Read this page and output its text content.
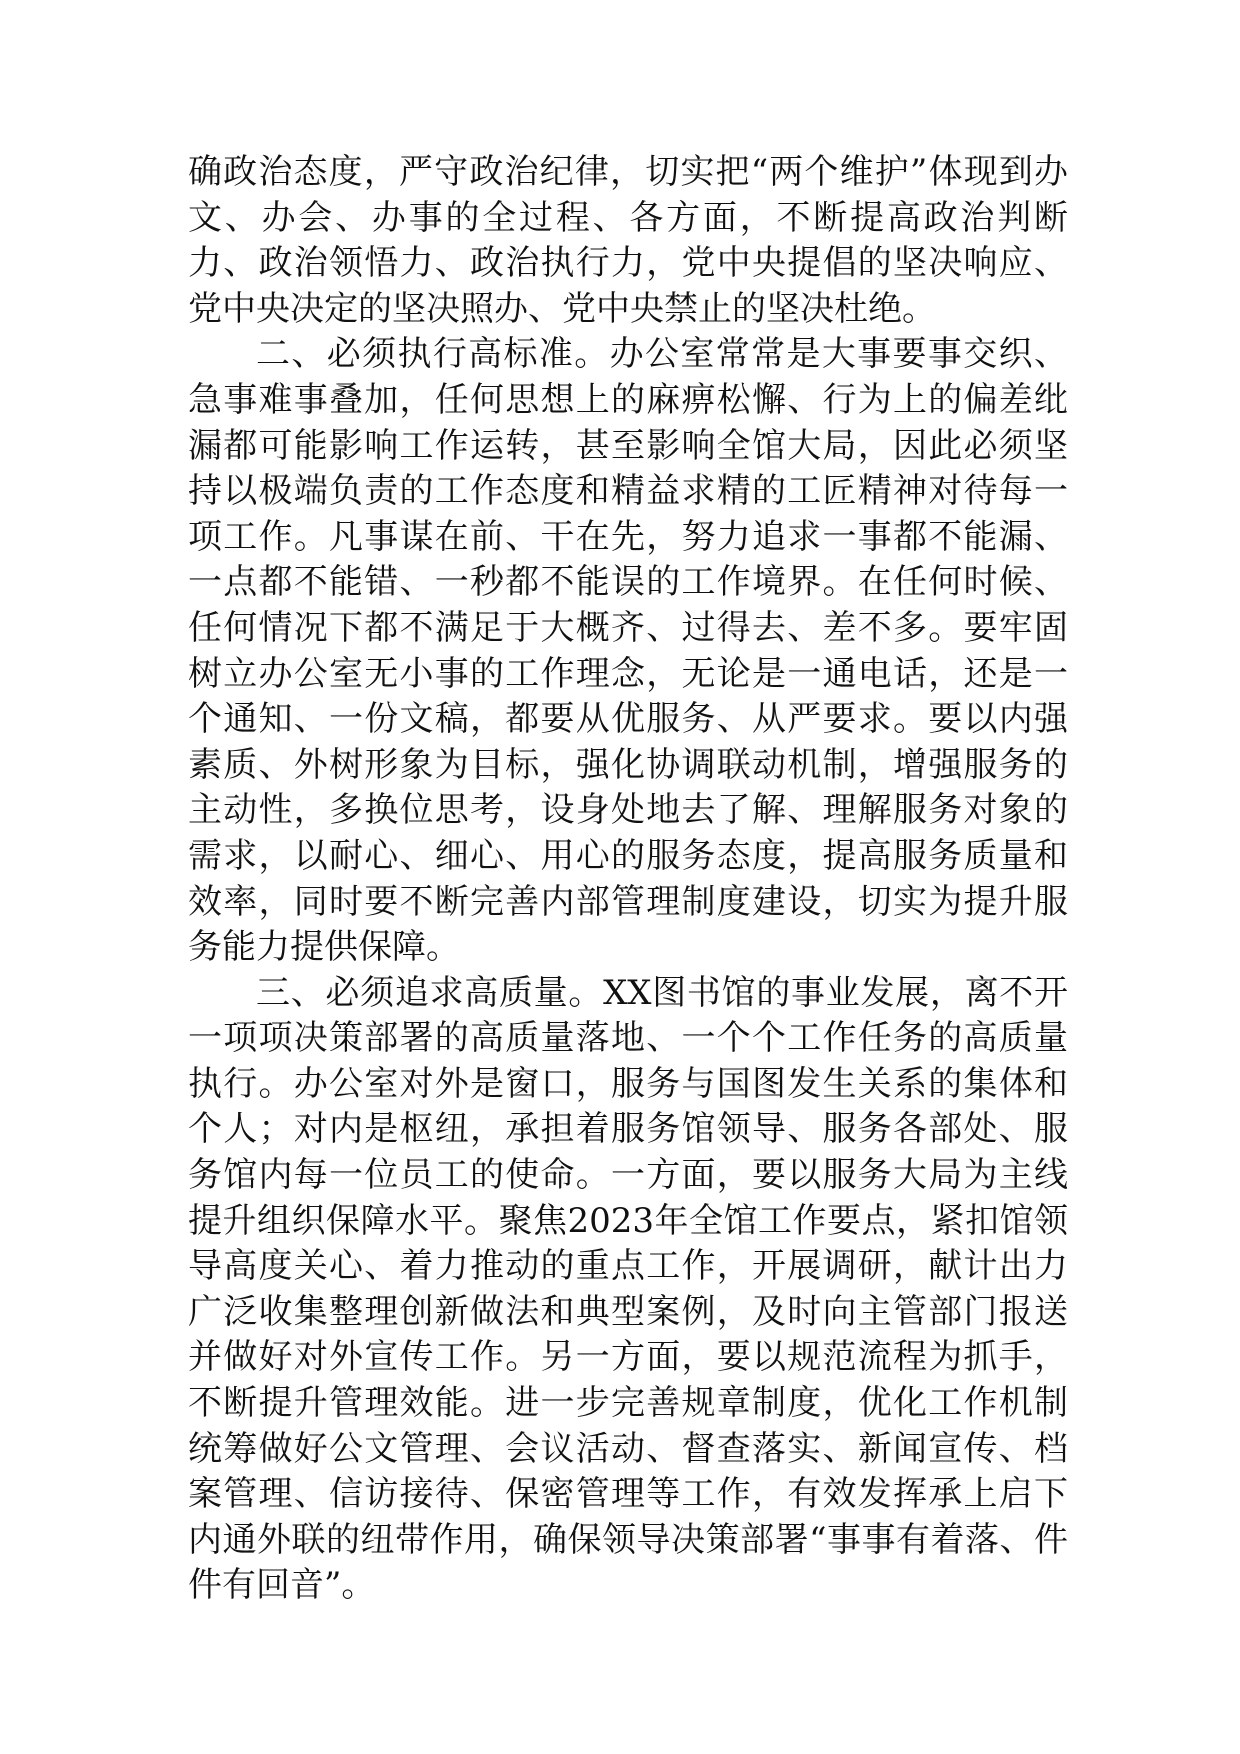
确政治态度，严守政治纪律，切实把“两个维护”体现到办文、办会、办事的全过程、各方面，不断提高政治判断力、政治领悟力、政治执行力，党中央提倡的坚决响应、党中央决定的坚决照办、党中央禁止的坚决杜绝。

二、必须执行高标准。办公室常常是大事要事交织、急事难事叠加，任何思想上的麻痹松懈、行为上的偏差纰漏都可能影响工作运转，甚至影响全馆大局，因此必须坚持以极端负责的工作态度和精益求精的工匠精神对待每一项工作。凡事谋在前、干在先，努力追求一事都不能漏、一点都不能错、一秒都不能误的工作境界。在任何时候、任何情况下都不满足于大概齐、过得去、差不多。要牢固树立办公室无小事的工作理念，无论是一通电话，还是一个通知、一份文稿，都要从优服务、从严要求。要以内强素质、外树形象为目标，强化协调联动机制，增强服务的主动性，多换位思考，设身处地去了解、理解服务对象的需求，以耐心、细心、用心的服务态度，提高服务质量和效率，同时要不断完善内部管理制度建设，切实为提升服务能力提供保障。

三、必须追求高质量。XX图书馆的事业发展，离不开一项项决策部署的高质量落地、一个个工作任务的高质量执行。办公室对外是窗口，服务与国图发生关系的集体和个人；对内是枢纽，承担着服务馆领导、服务各部处、服务馆内每一位员工的使命。一方面，要以服务大局为主线提升组织保障水平。聚焦2023年全馆工作要点，紧扣馆领导高度关心、着力推动的重点工作，开展调研，献计出力广泛收集整理创新做法和典型案例，及时向主管部门报送并做好对外宣传工作。另一方面，要以规范流程为抓手，不断提升管理效能。进一步完善规章制度，优化工作机制统筹做好公文管理、会议活动、督查落实、新闻宣传、档案管理、信访接待、保密管理等工作，有效发挥承上启下内通外联的纽带作用，确保领导决策部署“事事有着落、件件有回音”。
